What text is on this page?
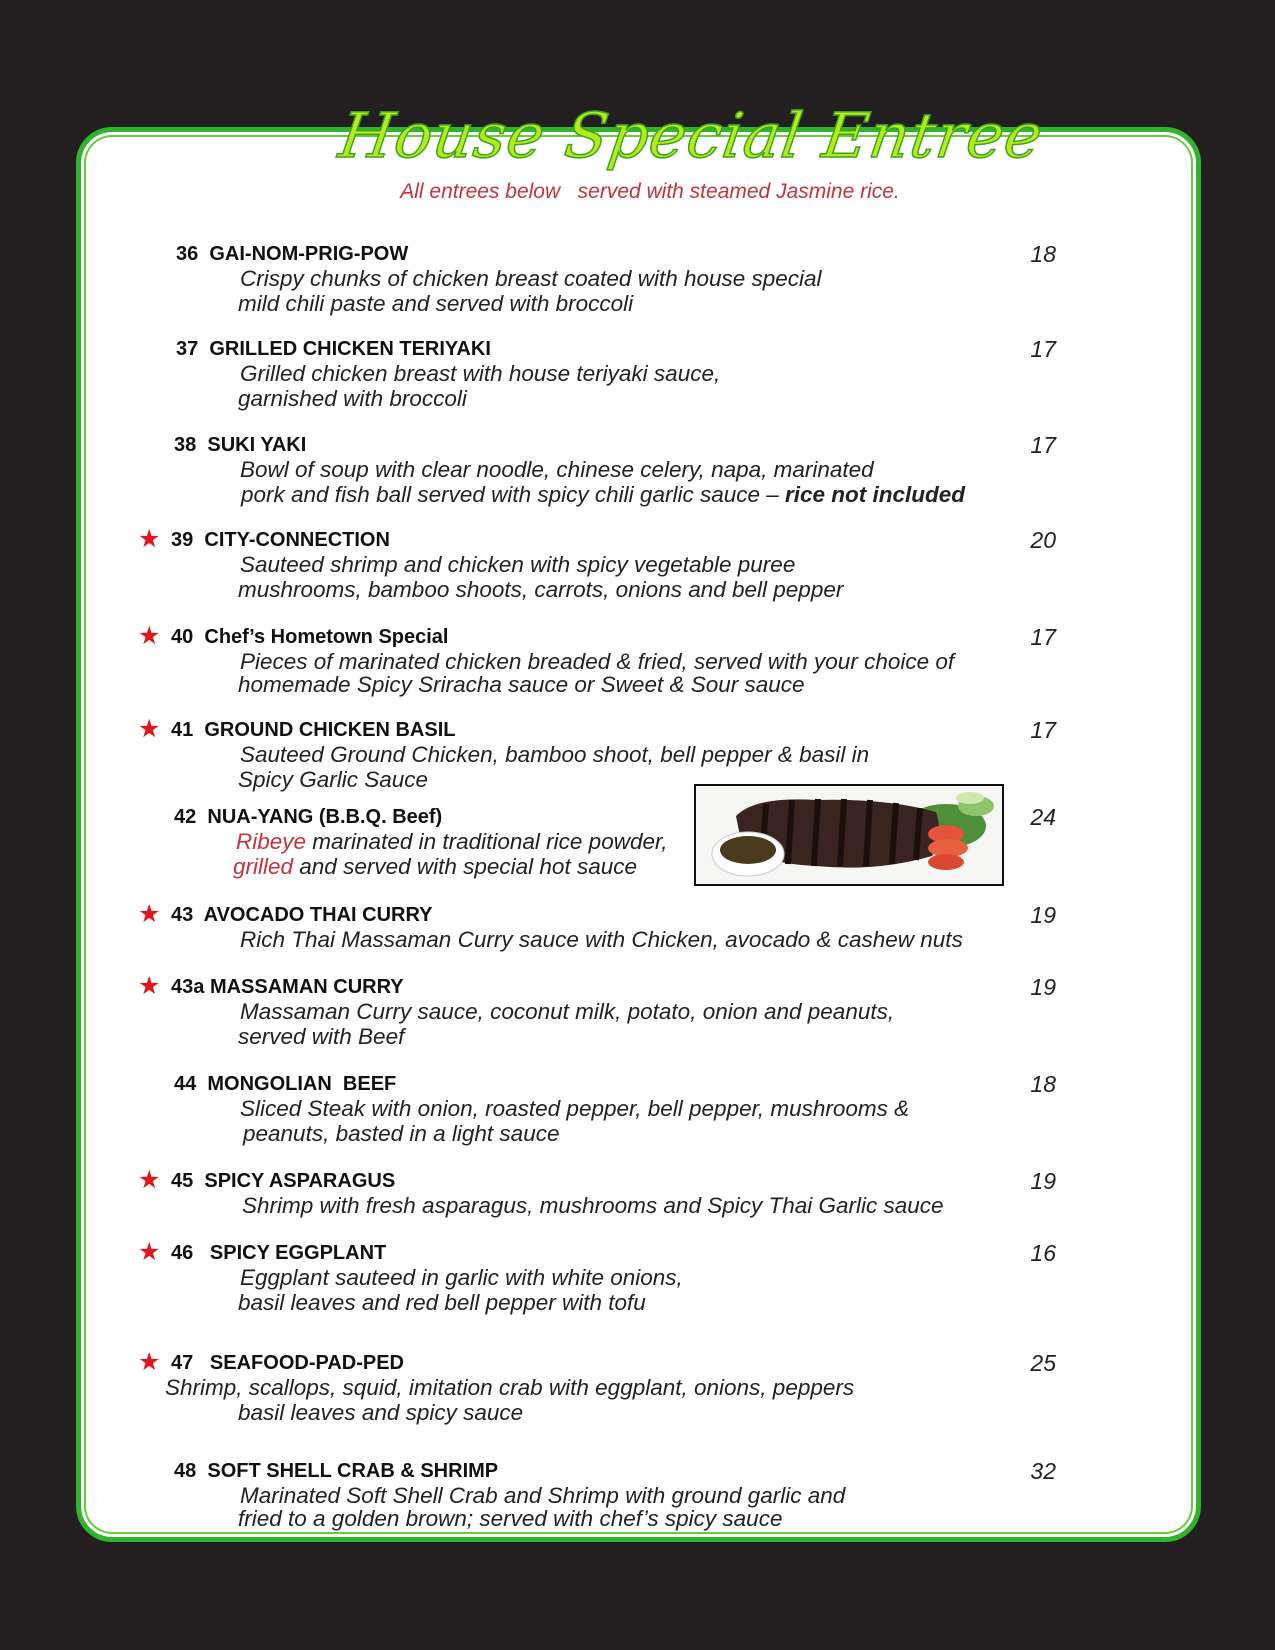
House Special Entree
All entrees below   served with steamed Jasmine rice.
36 GAI-NOM-PRIG-POW	18
Crispy chunks of chicken breast coated with house special
mild chili paste and served with broccoli
37 GRILLED CHICKEN TERIYAKI	17
Grilled chicken breast with house teriyaki sauce,
garnished with broccoli
38 SUKI YAKI	17
Bowl of soup with clear noodle, chinese celery, napa, marinated
pork and fish ball served with spicy chili garlic sauce – rice not included
★ 39 CITY-CONNECTION	20
Sauteed shrimp and chicken with spicy vegetable puree
mushrooms, bamboo shoots, carrots, onions and bell pepper
★ 40 Chef’s Hometown Special	17
Pieces of marinated chicken breaded & fried, served with your choice of
homemade Spicy Sriracha sauce or Sweet & Sour sauce
★ 41 GROUND CHICKEN BASIL	17
Sauteed Ground Chicken, bamboo shoot, bell pepper & basil in
Spicy Garlic Sauce
42 NUA-YANG (B.B.Q. Beef)	24
Ribeye marinated in traditional rice powder,
grilled and served with special hot sauce
★ 43 AVOCADO THAI CURRY	19
Rich Thai Massaman Curry sauce with Chicken, avocado & cashew nuts
★ 43a MASSAMAN CURRY	19
Massaman Curry sauce, coconut milk, potato, onion and peanuts,
served with Beef
44 MONGOLIAN  BEEF	18
Sliced Steak with onion, roasted pepper, bell pepper, mushrooms &
peanuts, basted in a light sauce
★ 45 SPICY ASPARAGUS	19
Shrimp with fresh asparagus, mushrooms and Spicy Thai Garlic sauce
★ 46 SPICY EGGPLANT	16
Eggplant sauteed in garlic with white onions,
basil leaves and red bell pepper with tofu
★ 47 SEAFOOD-PAD-PED	25
Shrimp, scallops, squid, imitation crab with eggplant, onions, peppers
basil leaves and spicy sauce
48 SOFT SHELL CRAB & SHRIMP	32
Marinated Soft Shell Crab and Shrimp with ground garlic and
fried to a golden brown; served with chef’s spicy sauce
